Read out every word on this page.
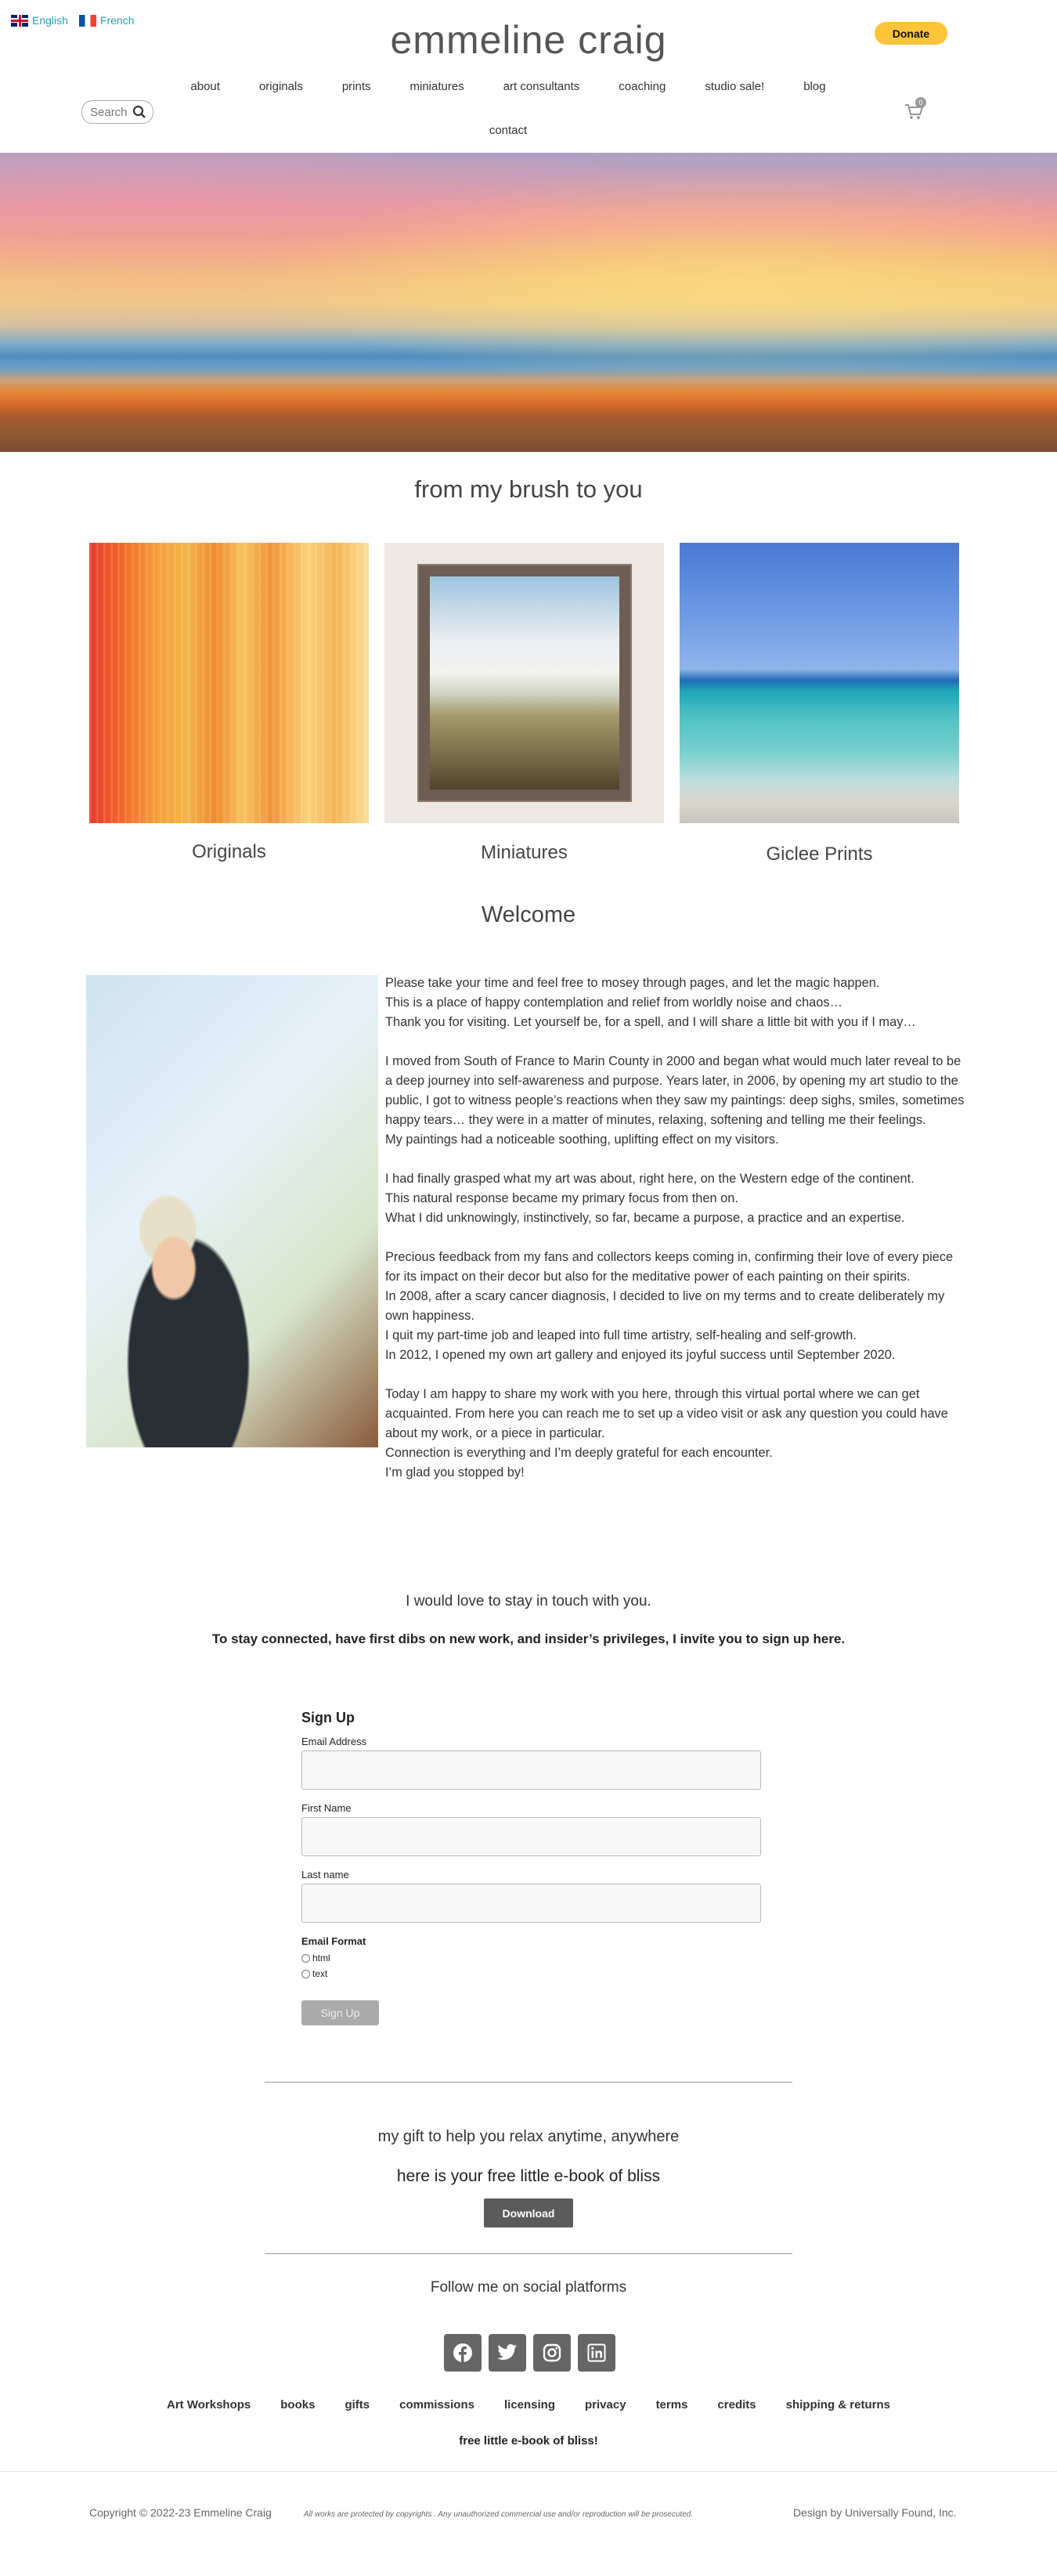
English	French	emmeline craig	Donate
Search
about	originals	prints	miniatures	art consultants	coaching	studio sale!	blog
contact
0
from my brush to you
Originals	Miniatures	Giclee Prints
Welcome

Please take your time and feel free to mosey through pages, and let the magic happen.
This is a place of happy contemplation and relief from worldly noise and chaos…
Thank you for visiting. Let yourself be, for a spell, and I will share a little bit with you if I may…

I moved from South of France to Marin County in 2000 and began what would much later reveal to be a deep journey into self-awareness and purpose. Years later, in 2006, by opening my art studio to the public, I got to witness people’s reactions when they saw my paintings: deep sighs, smiles, sometimes happy tears… they were in a matter of minutes, relaxing, softening and telling me their feelings.
My paintings had a noticeable soothing, uplifting effect on my visitors.

I had finally grasped what my art was about, right here, on the Western edge of the continent.
This natural response became my primary focus from then on.
What I did unknowingly, instinctively, so far, became a purpose, a practice and an expertise.

Precious feedback from my fans and collectors keeps coming in, confirming their love of every piece for its impact on their decor but also for the meditative power of each painting on their spirits.
In 2008, after a scary cancer diagnosis, I decided to live on my terms and to create deliberately my own happiness.
I quit my part-time job and leaped into full time artistry, self-healing and self-growth.
In 2012, I opened my own art gallery and enjoyed its joyful success until September 2020.

Today I am happy to share my work with you here, through this virtual portal where we can get acquainted. From here you can reach me to set up a video visit or ask any question you could have about my work, or a piece in particular.
Connection is everything and I’m deeply grateful for each encounter.
I’m glad you stopped by!

I would love to stay in touch with you.
To stay connected, have first dibs on new work, and insider’s privileges, I invite you to sign up here.
Sign Up
Email Address
First Name
Last name
Email Format
html
text
Sign Up
my gift to help you relax anytime, anywhere
here is your free little e-book of bliss
Download
Follow me on social platforms
Art Workshops	books	gifts	commissions	licensing	privacy	terms	credits	shipping & returns
free little e-book of bliss!
Copyright © 2022-23 Emmeline Craig	All works are protected by copyrights . Any unauthorized commercial use and/or reproduction will be prosecuted.	Design by Universally Found, Inc.
